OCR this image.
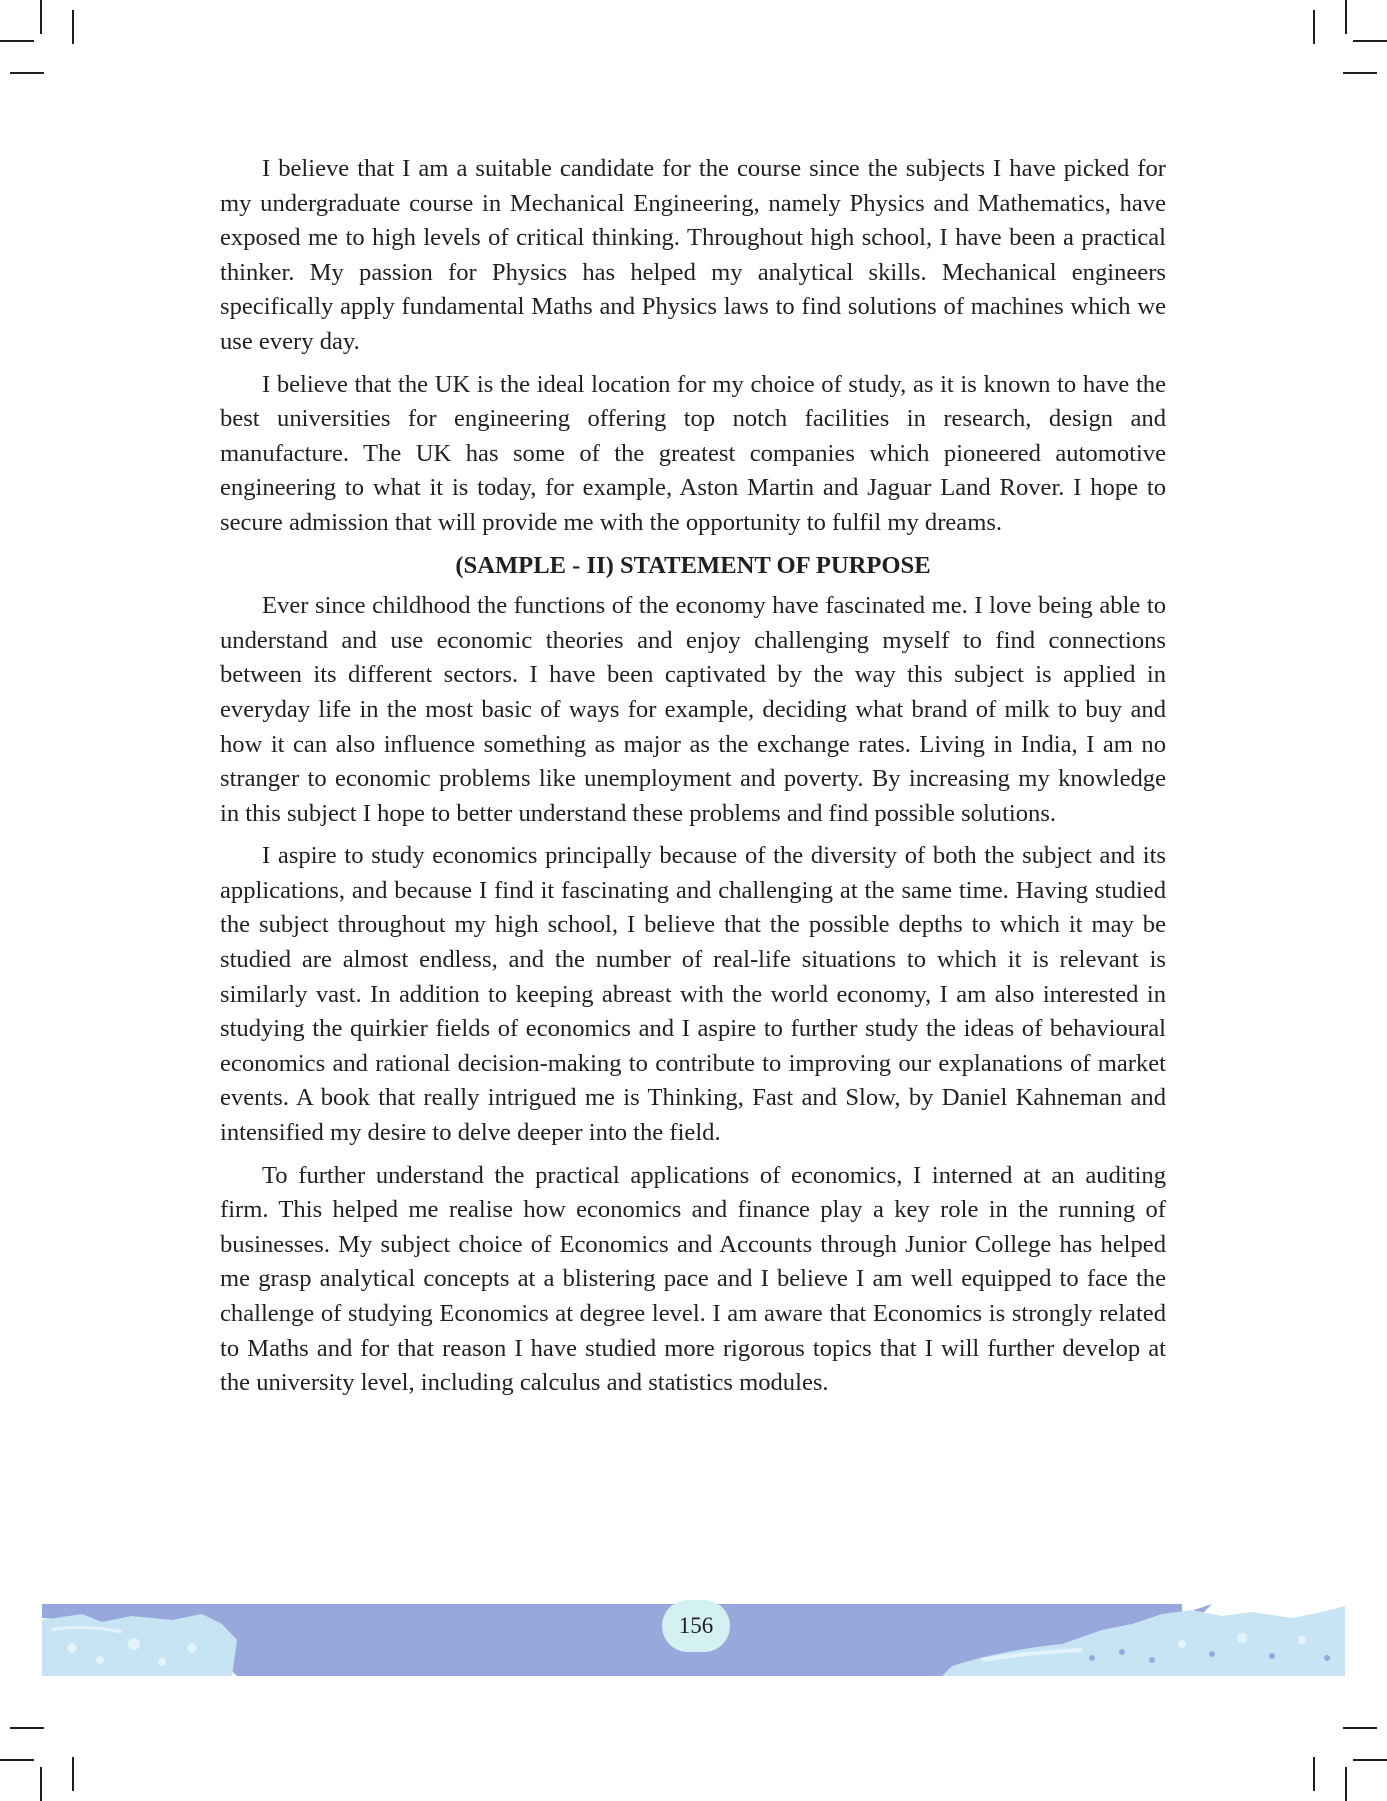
I believe that I am a suitable candidate for the course since the subjects I have picked for my undergraduate course in Mechanical Engineering, namely Physics and Mathematics, have exposed me to high levels of critical thinking. Throughout high school, I have been a practical thinker. My passion for Physics has helped my analytical skills. Mechanical engineers specifically apply fundamental Maths and Physics laws to find solutions of machines which we use every day.

I believe that the UK is the ideal location for my choice of study, as it is known to have the best universities for engineering offering top notch facilities in research, design and manufacture. The UK has some of the greatest companies which pioneered automotive engineering to what it is today, for example, Aston Martin and Jaguar Land Rover. I hope to secure admission that will provide me with the opportunity to fulfil my dreams.

(SAMPLE - II) STATEMENT OF PURPOSE

Ever since childhood the functions of the economy have fascinated me. I love being able to understand and use economic theories and enjoy challenging myself to find connections between its different sectors. I have been captivated by the way this subject is applied in everyday life in the most basic of ways for example, deciding what brand of milk to buy and how it can also influence something as major as the exchange rates. Living in India, I am no stranger to economic problems like unemployment and poverty. By increasing my knowledge in this subject I hope to better understand these problems and find possible solutions.

I aspire to study economics principally because of the diversity of both the subject and its applications, and because I find it fascinating and challenging at the same time. Having studied the subject throughout my high school, I believe that the possible depths to which it may be studied are almost endless, and the number of real-life situations to which it is relevant is similarly vast. In addition to keeping abreast with the world economy, I am also interested in studying the quirkier fields of economics and I aspire to further study the ideas of behavioural economics and rational decision-making to contribute to improving our explanations of market events. A book that really intrigued me is Thinking, Fast and Slow, by Daniel Kahneman and intensified my desire to delve deeper into the field.

To further understand the practical applications of economics, I interned at an auditing firm. This helped me realise how economics and finance play a key role in the running of businesses. My subject choice of Economics and Accounts through Junior College has helped me grasp analytical concepts at a blistering pace and I believe I am well equipped to face the challenge of studying Economics at degree level. I am aware that Economics is strongly related to Maths and for that reason I have studied more rigorous topics that I will further develop at the university level, including calculus and statistics modules.

156
